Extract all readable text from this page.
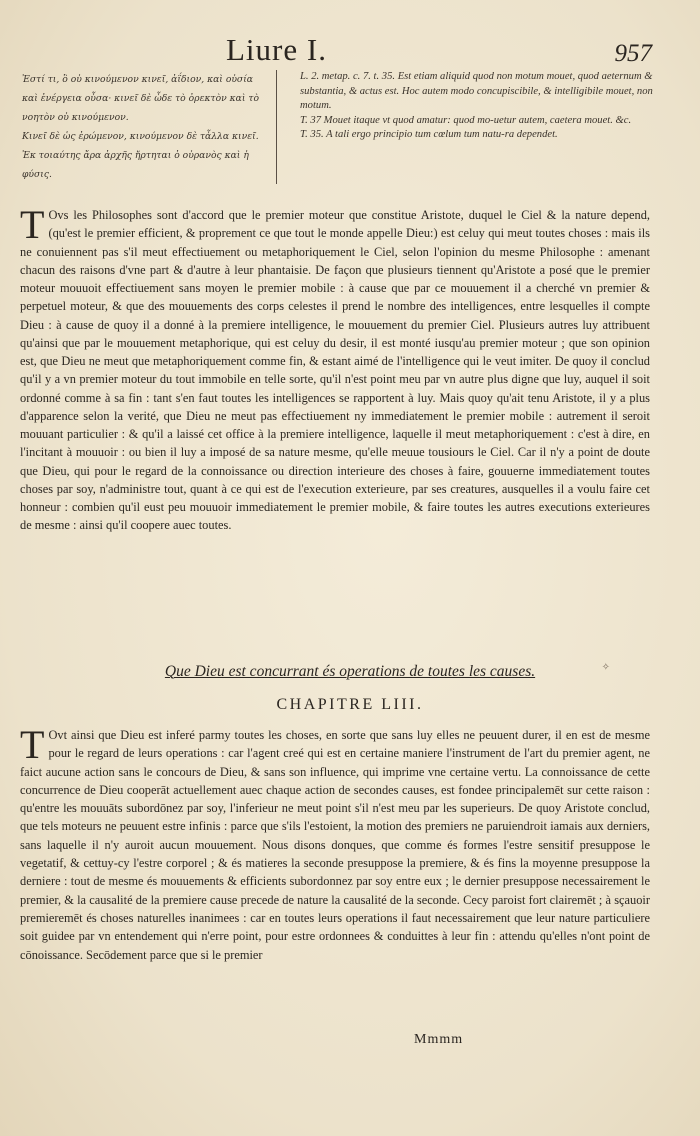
Liure I.	957

Ἐστί τι, ὃ οὐ κινούμενον κινεῖ, ἀΐδιον, καὶ οὐσία καὶ ἐνέργεια οὖσα· κινεῖ δὲ ὧδε τὸ ὀρεκτὸν καὶ τὸ νοητὸν οὐ κινούμενον.

Κινεῖ δὲ ὡς ἐρώμενον, κινούμενον δὲ τἆλλα κινεῖ.

Ἐκ τοιαύτης ἄρα ἀρχῆς ἤρτηται ὁ οὐρανὸς καὶ ἡ φύσις.

L. 2. metap. c. 7. t. 35. Est etiam aliquid quod non motum mouet, quod aeternum & substantia, & actus est. Hoc autem modo concupiscibile, & intelligibile mouet, non motum.

T. 37 Mouet itaque vt quod amatur: quod mo-uetur autem, caetera mouet. &c.

T. 35. A tali ergo principio tum cœlum tum natu-ra dependet.

T Ovs les Philosophes sont d'accord que le premier moteur que constitue Aristote, duquel le Ciel & la nature depend, (qu'est le premier efficient, & proprement ce que tout le monde appelle Dieu:) est celuy qui meut toutes choses : mais ils ne conuiennent pas s'il meut effectiuement ou metaphoriquement le Ciel, selon l'opinion du mesme Philosophe : amenant chacun des raisons d'vne part & d'autre à leur phantaisie. De façon que plusieurs tiennent qu'Aristote a posé que le premier moteur mouuoit effectiuement sans moyen le premier mobile : à cause que par ce mouuement il a cherché vn premier & perpetuel moteur, & que des mouuements des corps celestes il prend le nombre des intelligences, entre lesquelles il compte Dieu : à cause de quoy il a donné à la premiere intelligence, le mouuement du premier Ciel. Plusieurs autres luy attribuent qu'ainsi que par le mouuement metaphorique, qui est celuy du desir, il est monté iusqu'au premier moteur ; que son opinion est, que Dieu ne meut que metaphoriquement comme fin, & estant aimé de l'intelligence qui le veut imiter. De quoy il conclud qu'il y a vn premier moteur du tout immobile en telle sorte, qu'il n'est point meu par vn autre plus digne que luy, auquel il soit ordonné comme à sa fin : tant s'en faut toutes les intelligences se rapportent à luy. Mais quoy qu'ait tenu Aristote, il y a plus d'apparence selon la verité, que Dieu ne meut pas effectiuement ny immediatement le premier mobile : autrement il seroit mouuant particulier : & qu'il a laissé cet office à la premiere intelligence, laquelle il meut metaphoriquement : c'est à dire, en l'incitant à mouuoir : ou bien il luy a imposé de sa nature mesme, qu'elle meuue tousiours le Ciel. Car il n'y a point de doute que Dieu, qui pour le regard de la connoissance ou direction interieure des choses à faire, gouuerne immediatement toutes choses par soy, n'administre tout, quant à ce qui est de l'execution exterieure, par ses creatures, ausquelles il a voulu faire cet honneur : combien qu'il eust peu mouuoir immediatement le premier mobile, & faire toutes les autres executions exterieures de mesme : ainsi qu'il coopere auec toutes.

Que Dieu est concurrant és operations de toutes les causes.	✧
CHAPITRE LIII.

T Ovt ainsi que Dieu est inferé parmy toutes les choses, en sorte que sans luy elles ne peuuent durer, il en est de mesme pour le regard de leurs operations : car l'agent creé qui est en certaine maniere l'instrument de l'art du premier agent, ne faict aucune action sans le concours de Dieu, & sans son influence, qui imprime vne certaine vertu. La connoissance de cette concurrence de Dieu cooperāt actuellement auec chaque action de secondes causes, est fondee principalemēt sur cette raison : qu'entre les mouuāts subordōnez par soy, l'inferieur ne meut point s'il n'est meu par les superieurs. De quoy Aristote conclud, que tels moteurs ne peuuent estre infinis : parce que s'ils l'estoient, la motion des premiers ne paruiendroit iamais aux derniers, sans laquelle il n'y auroit aucun mouuement. Nous disons donques, que comme és formes l'estre sensitif presuppose le vegetatif, & cettuy-cy l'estre corporel ; & és matieres la seconde presuppose la premiere, & és fins la moyenne presuppose la derniere : tout de mesme és mouuements & efficients subordonnez par soy entre eux ; le dernier presuppose necessairement le premier, & la causalité de la premiere cause precede de nature la causalité de la seconde. Cecy paroist fort clairemēt ; à sçauoir premieremēt és choses naturelles inanimees : car en toutes leurs operations il faut necessairement que leur nature particuliere soit guidee par vn entendement qui n'erre point, pour estre ordonnees & conduittes à leur fin : attendu qu'elles n'ont point de cōnoissance. Secōdement parce que si le premier

Mmmm
